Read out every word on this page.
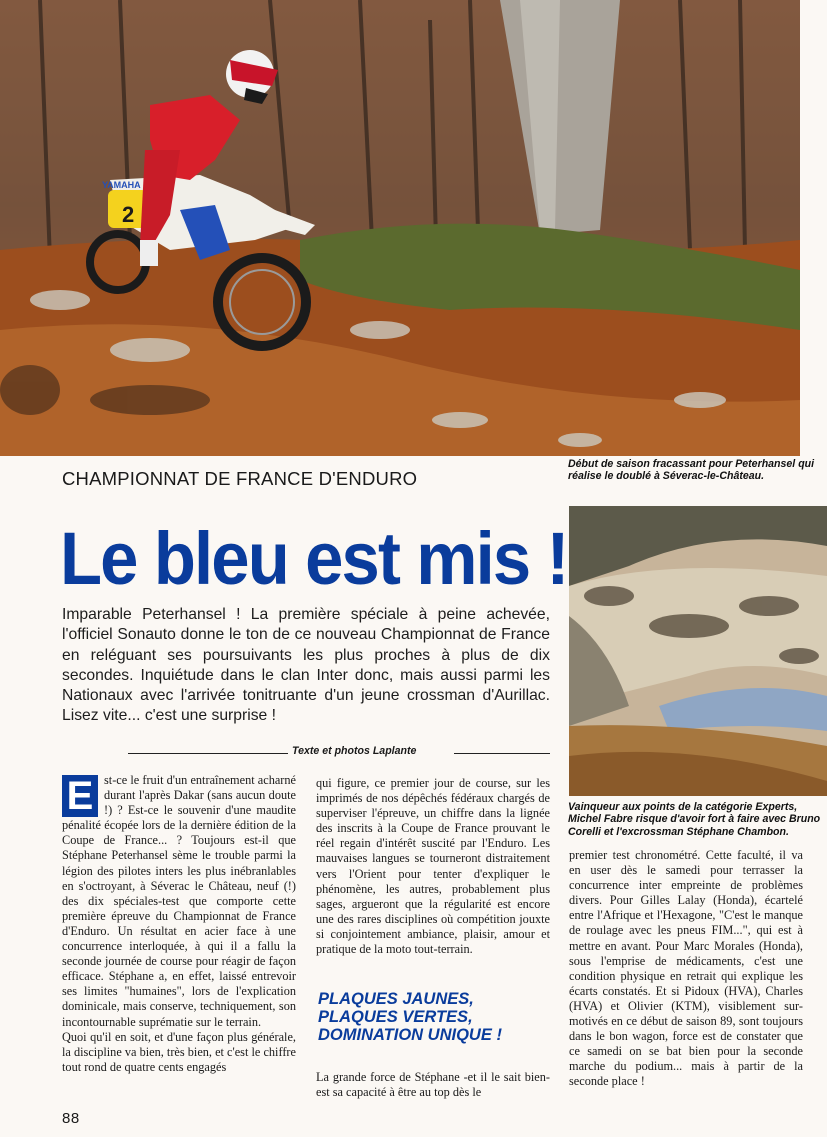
2
YAMAHA
Début de saison fracassant pour Peterhansel qui réalise le doublé à Séverac-le-Château.
CHAMPIONNAT DE FRANCE D'ENDURO
Le bleu est mis !
Imparable Peterhansel ! La première spéciale à peine achevée, l'officiel Sonauto donne le ton de ce nouveau Championnat de France en reléguant ses poursuivants les plus proches à plus de dix secondes. Inquiétude dans le clan Inter donc, mais aussi parmi les Nationaux avec l'arrivée tonitruante d'un jeune crossman d'Aurillac. Lisez vite... c'est une surprise !
Texte et photos Laplante
Vainqueur aux points de la catégorie Experts, Michel Fabre risque d'avoir fort à faire avec Bruno Corelli et l'excrossman Stéphane Chambon.
E st-ce le fruit d'un entraînement acharné durant l'après Dakar (sans aucun doute !) ? Est-ce le souvenir d'une maudite pénalité écopée lors de la dernière édition de la Coupe de France... ? Toujours est-il que Stéphane Peterhansel sème le trouble parmi la légion des pilotes inters les plus inébranlables en s'octroyant, à Séverac le Château, neuf (!) des dix spéciales-test que comporte cette première épreuve du Championnat de France d'Enduro. Un résultat en acier face à une concurrence interloquée, à qui il a fallu la seconde journée de course pour réagir de façon efficace. Stéphane a, en effet, laissé entrevoir ses limites "humaines", lors de l'explication dominicale, mais conserve, techniquement, son incontournable suprématie sur le terrain.

Quoi qu'il en soit, et d'une façon plus générale, la discipline va bien, très bien, et c'est le chiffre tout rond de quatre cents engagés

qui figure, ce premier jour de course, sur les imprimés de nos dépêchés fédéraux chargés de superviser l'épreuve, un chiffre dans la lignée des inscrits à la Coupe de France prouvant le réel regain d'intérêt suscité par l'Enduro. Les mauvaises langues se tourneront distraitement vers l'Orient pour tenter d'expliquer le phénomène, les autres, probablement plus sages, argueront que la régularité est encore une des rares disciplines où compétition jouxte si conjointement ambiance, plaisir, amour et pratique de la moto tout-terrain.

PLAQUES JAUNES, PLAQUES VERTES, DOMINATION UNIQUE !

La grande force de Stéphane -et il le sait bien- est sa capacité à être au top dès le

premier test chronométré. Cette faculté, il va en user dès le samedi pour terrasser la concurrence inter empreinte de problèmes divers. Pour Gilles Lalay (Honda), écartelé entre l'Afrique et l'Hexagone, "C'est le manque de roulage avec les pneus FIM...", qui est à mettre en avant. Pour Marc Morales (Honda), sous l'emprise de médicaments, c'est une condition physique en retrait qui explique les écarts constatés. Et si Pidoux (HVA), Charles (HVA) et Olivier (KTM), visiblement sur-motivés en ce début de saison 89, sont toujours dans le bon wagon, force est de constater que ce samedi on se bat bien pour la seconde marche du podium... mais à partir de la seconde place !

88
